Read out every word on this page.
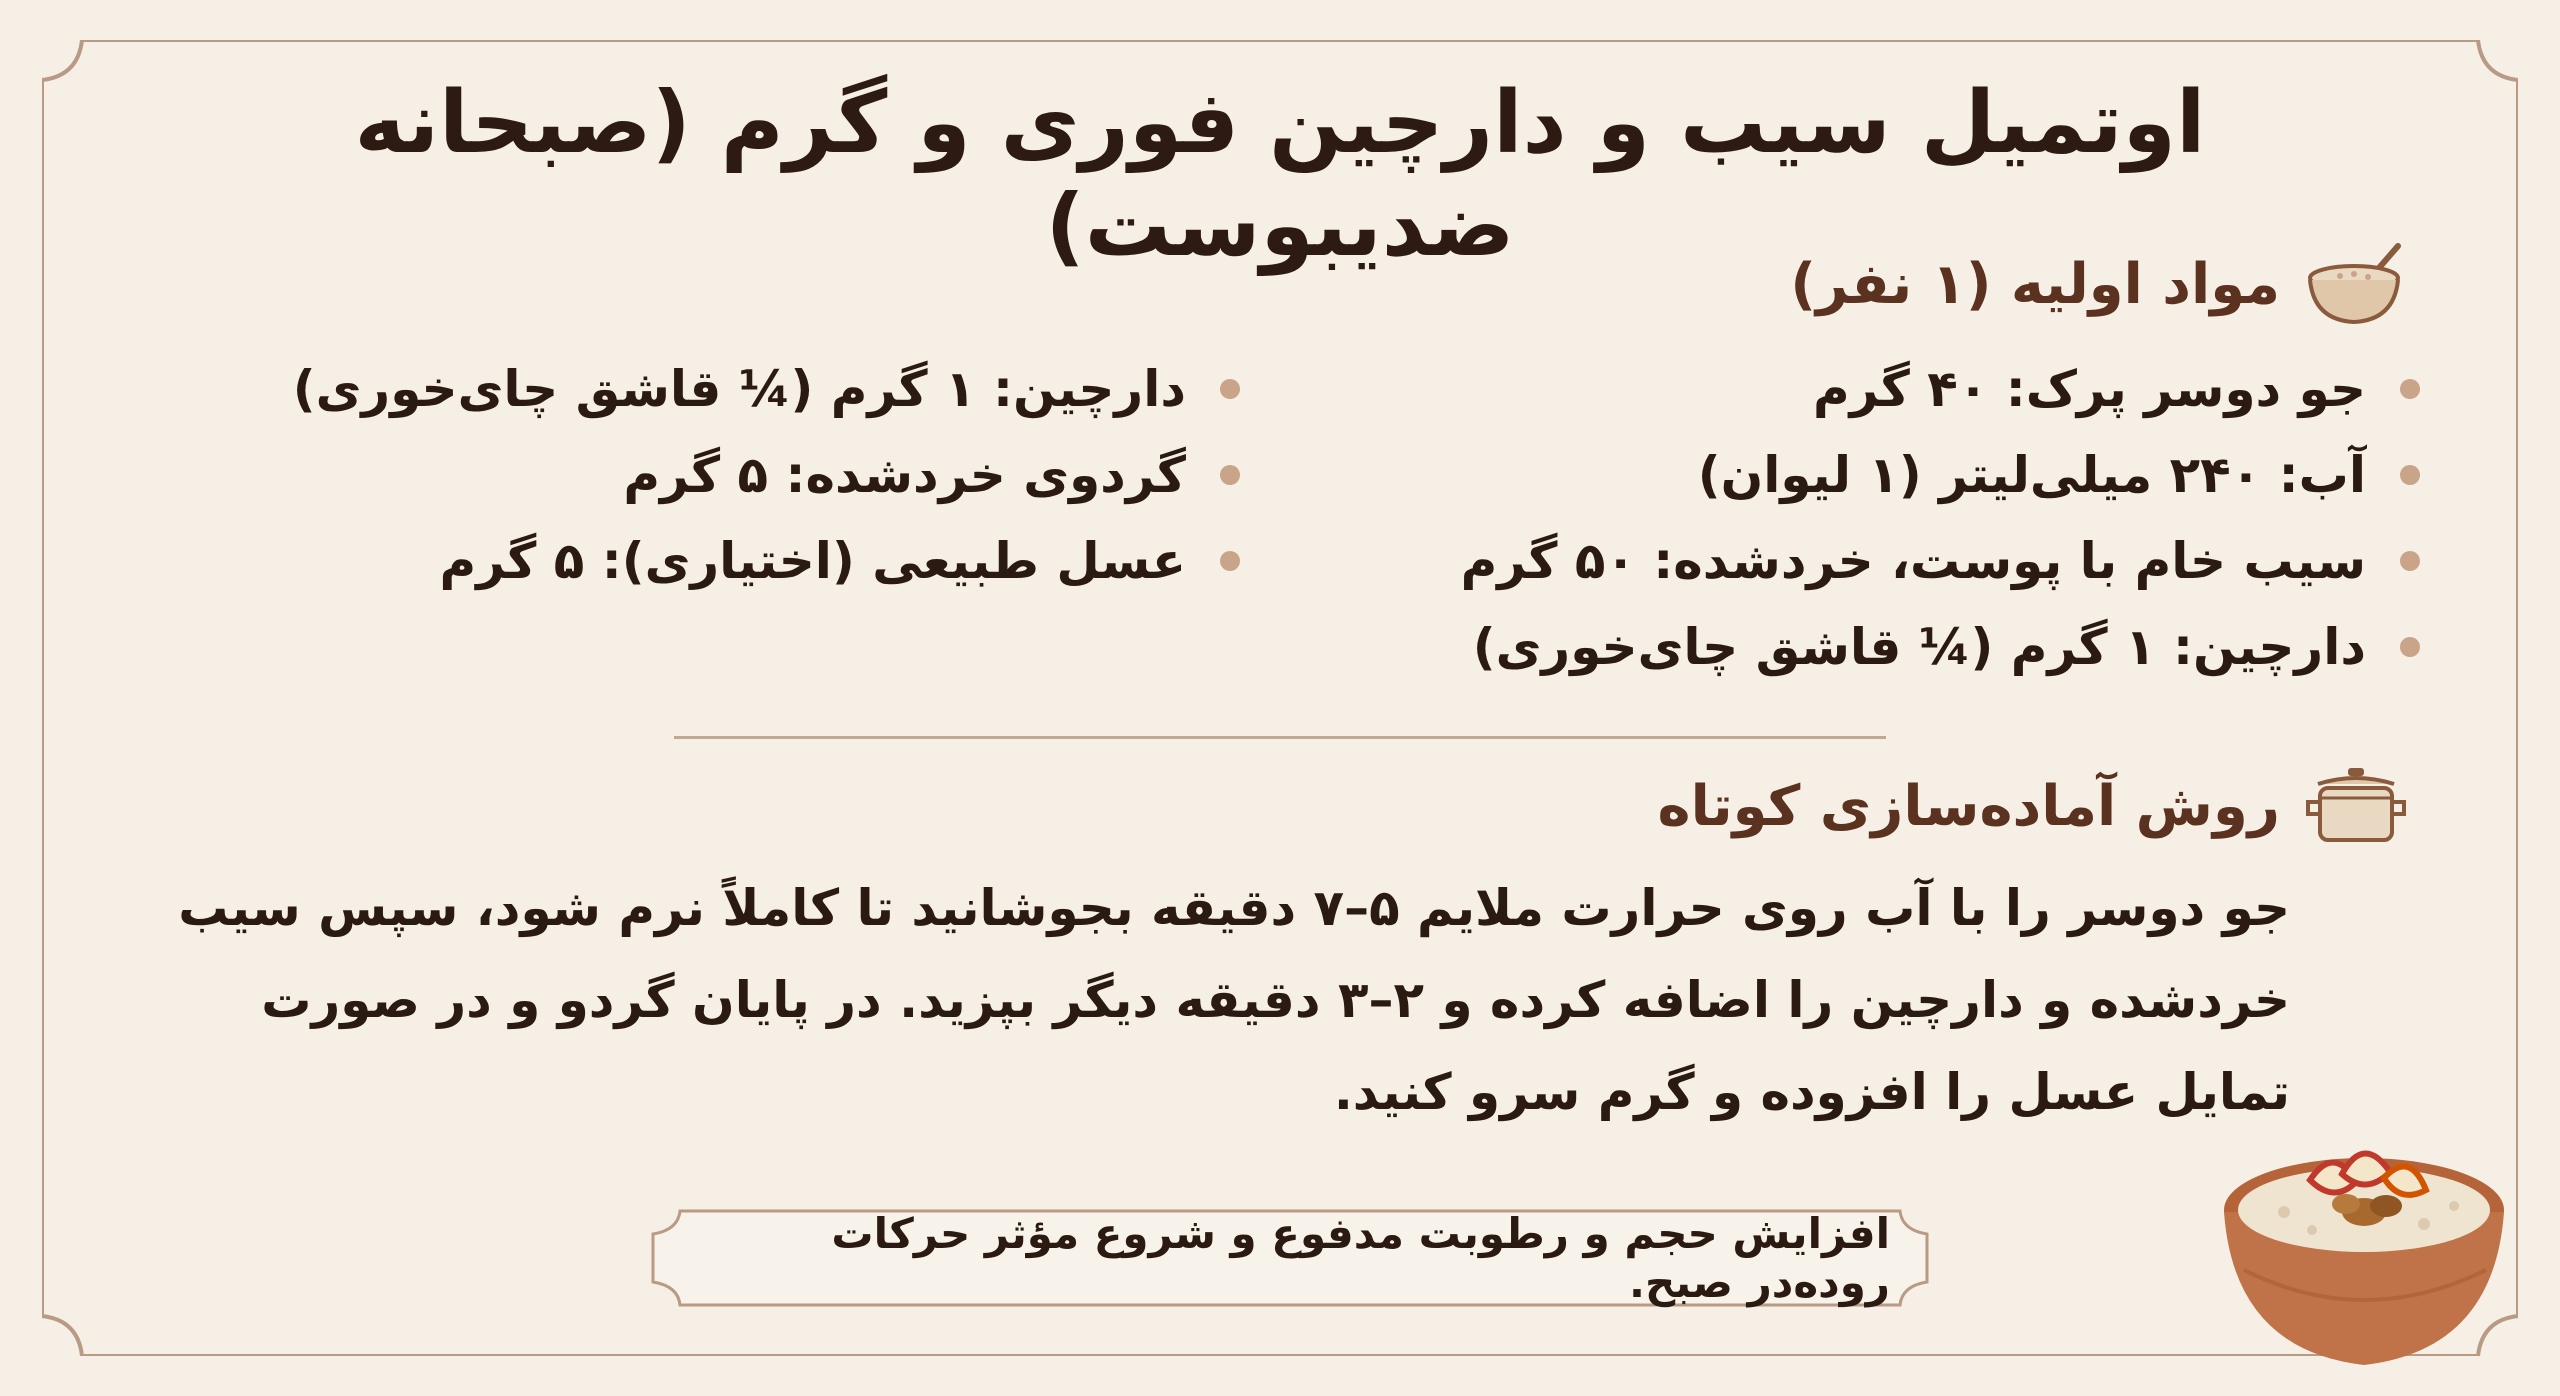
اوتمیل سیب و دارچین فوری و گرم (صبحانه ضدیبوست)
مواد اولیه (۱ نفر)
جو دوسر پرک: ۴۰ گرم
آب: ۲۴۰ میلی‌لیتر (۱ لیوان)
سیب خام با پوست، خردشده: ۵۰ گرم
دارچین: ۱ گرم (¼ قاشق چای‌خوری)
دارچین: ۱ گرم (¼ قاشق چای‌خوری)
گردوی خردشده: ۵ گرم
عسل طبیعی (اختیاری): ۵ گرم
روش آماده‌سازی کوتاه

جو دوسر را با آب روی حرارت ملایم ۵–۷ دقیقه بجوشانید تا کاملاً نرم شود، سپس سیب خردشده و دارچین را اضافه کرده و ۲–۳ دقیقه دیگر بپزید. در پایان گردو و در صورت تمایل عسل را افزوده و گرم سرو کنید.

افزایش حجم و رطوبت مدفوع و شروع مؤثر حرکات روده‌در صبح.
